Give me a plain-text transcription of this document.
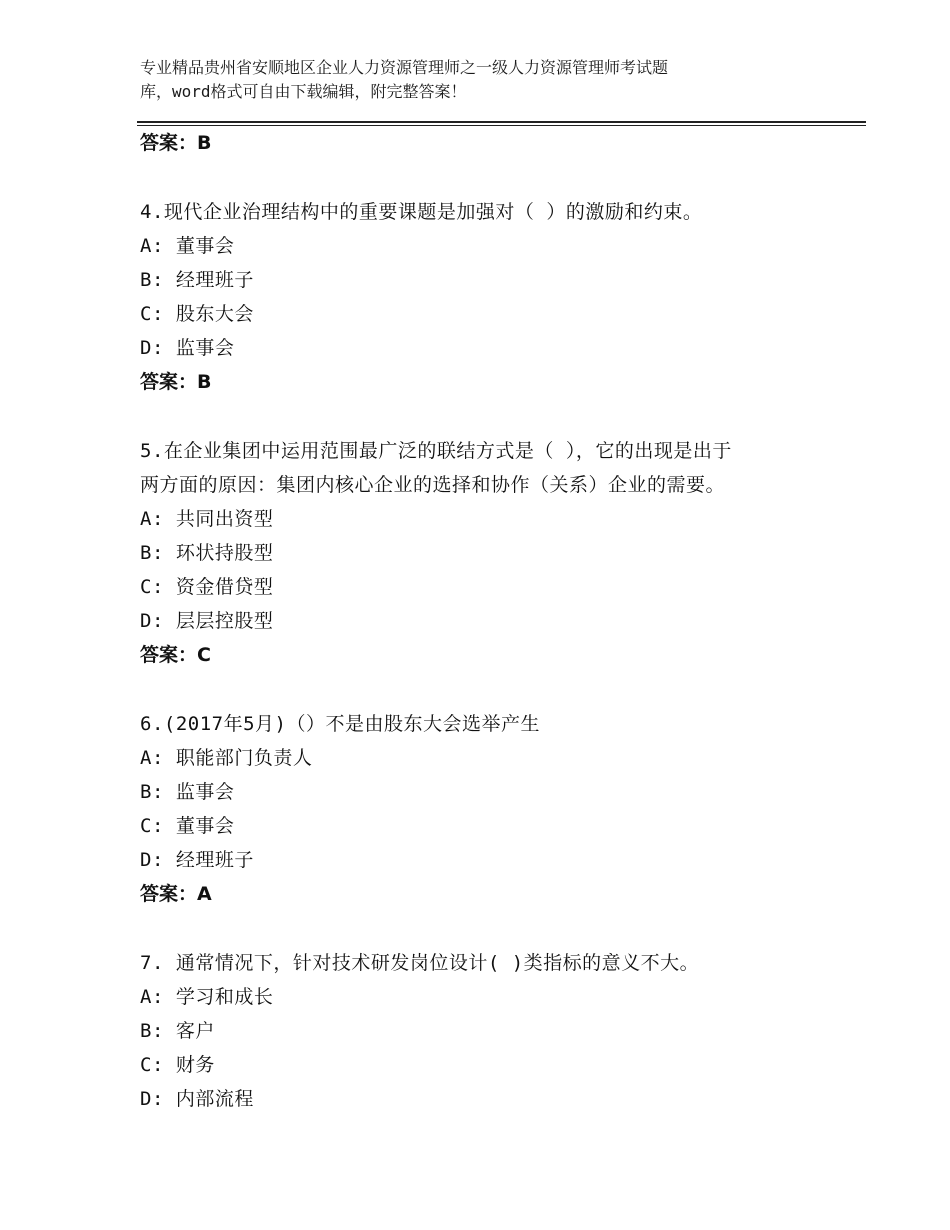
专业精品贵州省安顺地区企业人力资源管理师之一级人力资源管理师考试题
库，word格式可自由下载编辑，附完整答案！
答案：B
4.现代企业治理结构中的重要课题是加强对（ ）的激励和约束。
A: 董事会
B: 经理班子
C: 股东大会
D: 监事会
答案：B
5.在企业集团中运用范围最广泛的联结方式是（ ），它的出现是出于
两方面的原因：集团内核心企业的选择和协作（关系）企业的需要。
A: 共同出资型
B: 环状持股型
C: 资金借贷型
D: 层层控股型
答案：C
6.(2017年5月)（）不是由股东大会选举产生
A: 职能部门负责人
B: 监事会
C: 董事会
D: 经理班子
答案：A
7. 通常情况下，针对技术研发岗位设计( )类指标的意义不大。
A: 学习和成长
B: 客户
C: 财务
D: 内部流程
